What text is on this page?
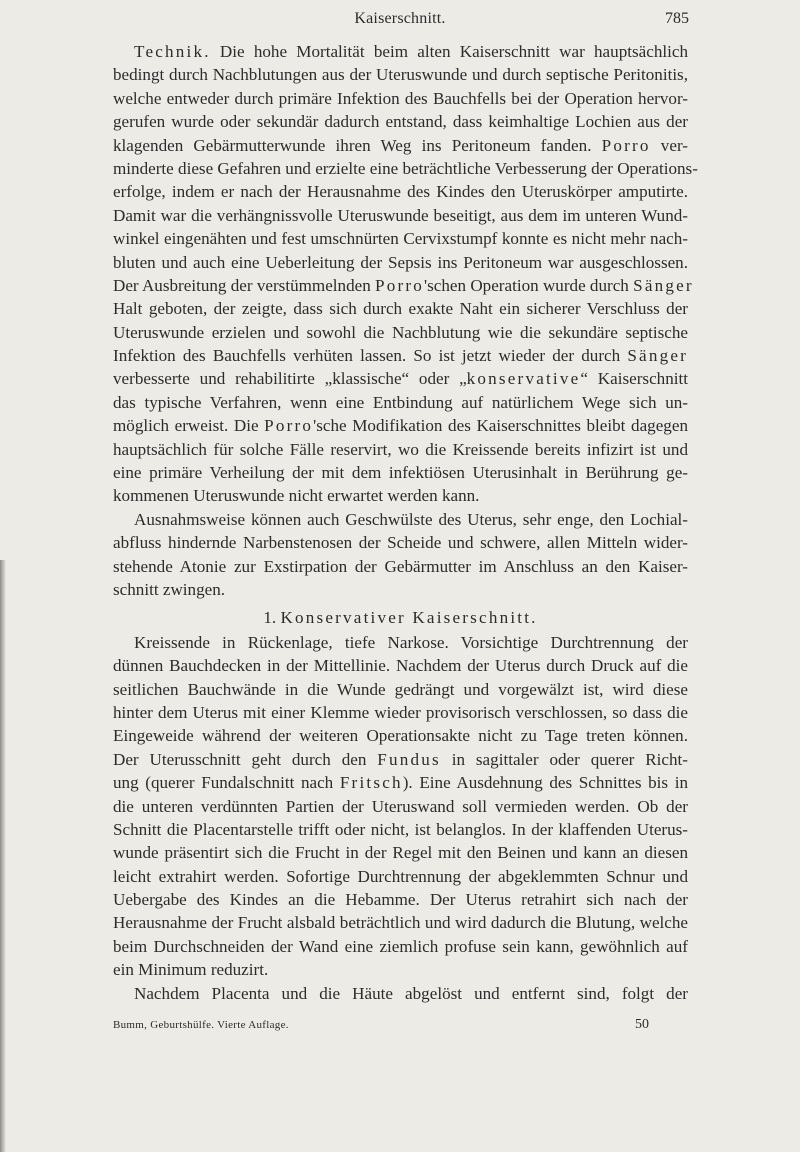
Kaiserschnitt.	785
Technik. Die hohe Mortalität beim alten Kaiserschnitt war hauptsächlich
bedingt durch Nachblutungen aus der Uteruswunde und durch septische Peritonitis,
welche entweder durch primäre Infektion des Bauchfells bei der Operation hervor-
gerufen wurde oder sekundär dadurch entstand, dass keimhaltige Lochien aus der
klagenden Gebärmutterwunde ihren Weg ins Peritoneum fanden. Porro ver-
minderte diese Gefahren und erzielte eine beträchtliche Verbesserung der Operations-
erfolge, indem er nach der Herausnahme des Kindes den Uteruskörper amputirte.
Damit war die verhängnissvolle Uteruswunde beseitigt, aus dem im unteren Wund-
winkel eingenähten und fest umschnürten Cervixstumpf konnte es nicht mehr nach-
bluten und auch eine Ueberleitung der Sepsis ins Peritoneum war ausgeschlossen.
Der Ausbreitung der verstümmelnden Porro'schen Operation wurde durch Sänger
Halt geboten, der zeigte, dass sich durch exakte Naht ein sicherer Verschluss der
Uteruswunde erzielen und sowohl die Nachblutung wie die sekundäre septische
Infektion des Bauchfells verhüten lassen. So ist jetzt wieder der durch Sänger
verbesserte und rehabilitirte „klassische“ oder „konservative“ Kaiserschnitt
das typische Verfahren, wenn eine Entbindung auf natürlichem Wege sich un-
möglich erweist. Die Porro'sche Modifikation des Kaiserschnittes bleibt dagegen
hauptsächlich für solche Fälle reservirt, wo die Kreissende bereits infizirt ist und
eine primäre Verheilung der mit dem infektiösen Uterusinhalt in Berührung ge-
kommenen Uteruswunde nicht erwartet werden kann.
Ausnahmsweise können auch Geschwülste des Uterus, sehr enge, den Lochial-
abfluss hindernde Narbenstenosen der Scheide und schwere, allen Mitteln wider-
stehende Atonie zur Exstirpation der Gebärmutter im Anschluss an den Kaiser-
schnitt zwingen.
1. Konservativer Kaiserschnitt.
Kreissende in Rückenlage, tiefe Narkose. Vorsichtige Durchtrennung der
dünnen Bauchdecken in der Mittellinie. Nachdem der Uterus durch Druck auf die
seitlichen Bauchwände in die Wunde gedrängt und vorgewälzt ist, wird diese
hinter dem Uterus mit einer Klemme wieder provisorisch verschlossen, so dass die
Eingeweide während der weiteren Operationsakte nicht zu Tage treten können.
Der Uterusschnitt geht durch den Fundus in sagittaler oder querer Richt-
ung (querer Fundalschnitt nach Fritsch). Eine Ausdehnung des Schnittes bis in
die unteren verdünnten Partien der Uteruswand soll vermieden werden. Ob der
Schnitt die Placentarstelle trifft oder nicht, ist belanglos. In der klaffenden Uterus-
wunde präsentirt sich die Frucht in der Regel mit den Beinen und kann an diesen
leicht extrahirt werden. Sofortige Durchtrennung der abgeklemmten Schnur und
Uebergabe des Kindes an die Hebamme. Der Uterus retrahirt sich nach der
Herausnahme der Frucht alsbald beträchtlich und wird dadurch die Blutung, welche
beim Durchschneiden der Wand eine ziemlich profuse sein kann, gewöhnlich auf
ein Minimum reduzirt.
Nachdem Placenta und die Häute abgelöst und entfernt sind, folgt der
Bumm, Geburtshülfe. Vierte Auflage.	50
